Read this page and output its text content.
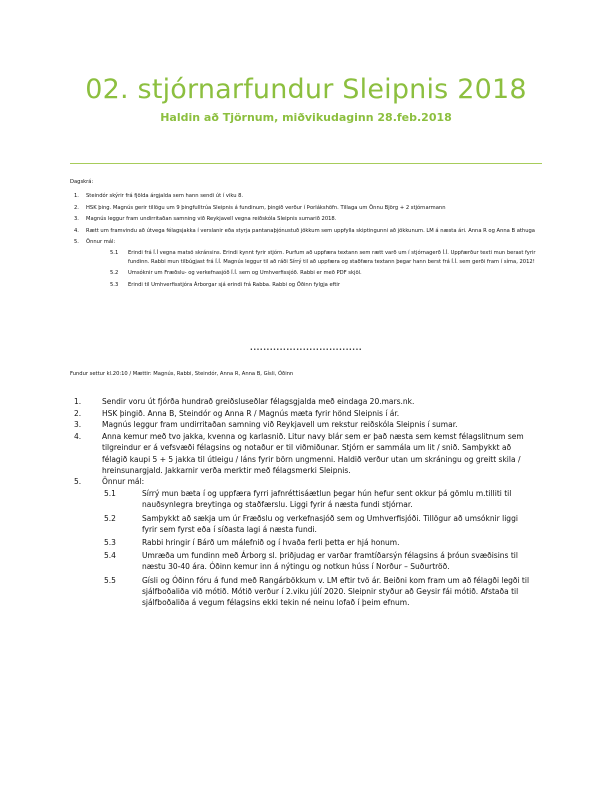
02. stjórnarfundur Sleipnis 2018
Haldin að Tjörnum, miðvikudaginn 28.feb.2018
Dagskrá:
1. Steindór skýrir frá fjölda árgjalda sem hann sendi út í viku 8.
2. HSK þing. Magnús gerir tillögu um 9 þingfulltrúa Sleipnis á fundinum, þingið verður í Þorlákshöfn. Tillaga um Önnu Björg + 2 stjórnarmann
3. Magnús leggur fram undirritaðan samning við Reykjavell vegna reiðskóla Sleipnis sumarið 2018.
4. Rætt um framvindu að útvega félagsjakka í verslanir eða styrja pantanaþjónustuð jökkum sem uppfylla skiptingunni að jökkunum. LM á næsta ári. Anna R og Anna B athuga
5. Önnur mál:
5.1 Erindi frá Í.Í vegna matsö skránsins. Erindi kynnt fyrir stjórn. Þurfum að uppfæra textann sem rætt varð um í stjórnagerð Í.Í. Uppfærður texti mun berast fyrir fundinn. Rabbi mun tilbúgjast frá Í.Í. Magnús leggur til að ráði Sírrý til að uppfæra og staðfæra textann þegar hann berst frá Í.Í. sem gerði fram í síma, 2012!
5.2 Umsóknir um Fræðslu- og verkefnasjóð Í.Í. sem og Umhverfissjóð. Rabbi er með PDF skjöl.
5.3 Erindi til Umhverfisstjóra Árborgar sjá erindi frá Rabba. Rabbi og Öðinn fylgja eftir
••••••••••••••••••••••••••••••••••
Fundur settur kl.20:10 / Mættir: Magnús, Rabbi, Steindór, Anna R, Anna B, Gísli, Óðinn
1.	Sendir voru út fjórða hundrað greiðsluseðlar félagsgjalda með eindaga 20.mars.nk.
2.	HSK þingið. Anna B, Steindór og Anna R / Magnús mæta fyrir hönd Sleipnis í ár.
3.	Magnús leggur fram undirritaðan samning við Reykjavell um rekstur reiðskóla Sleipnis í sumar.
4.	Anna kemur með tvo jakka, kvenna og karlasnið. Litur navy blár sem er það næsta sem kemst félagslitnum sem tilgreindur er á vefsvæði félagsins og notaður er til viðmiðunar. Stjórn er sammála um lit / snið. Samþykkt að félagið kaupi 5 + 5 jakka til útleigu / láns fyrir börn ungmenni. Haldið verður utan um skráningu og greitt skila / hreinsunargjald. Jakkarnir verða merktir með félagsmerki Sleipnis.
5.	Önnur mál:
5.1	Sírrý mun bæta í og uppfæra fyrri jafnréttisáætlun þegar hún hefur sent okkur þá gömlu m.tilliti til nauðsynlegra breytinga og staðfærslu. Liggi fyrir á næsta fundi stjórnar.
5.2	Samþykkt að sækja um úr Fræðslu og verkefnasjóð sem og Umhverfisjóði. Tillögur að umsóknir liggi fyrir sem fyrst eða í síðasta lagi á næsta fundi.
5.3	Rabbi hringir í Bárð um málefnið og í hvaða ferli þetta er hjá honum.
5.4	Umræða um fundinn með Árborg sl. þriðjudag er varðar framtíðarsýn félagsins á þróun svæðisins til næstu 30-40 ára. Óðinn kemur inn á nýtingu og notkun húss í Norður – Suðurtröð.
5.5	Gísli og Óðinn fóru á fund með Rangárbökkum v. LM eftir tvö ár. Beiðni kom fram um að félagði legði til sjálfboðaliða við mótið. Mótið verður í 2.viku júlí 2020. Sleipnir styður að Geysir fái mótið. Afstaða til sjálfboðaliða á vegum félagsins ekki tekin né neinu lofað í þeim efnum.
